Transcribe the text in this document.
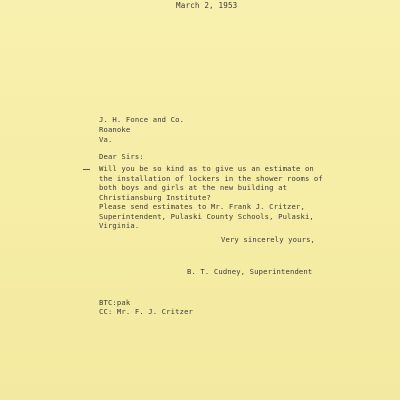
March 2, 1953

J. H. Fonce and Co.

Roanoke

Va.

Dear Sirs:

Will you be so kind as to give us an estimate on the installation of lockers in the shower rooms of both boys and girls at the new building at Christiansburg Institute?

Please send estimates to Mr. Frank J. Critzer, Superintendent, Pulaski County Schools, Pulaski, Virginia.

Very sincerely yours,

B. T. Cudney, Superintendent

BTC:pak

CC: Mr. F. J. Critzer
